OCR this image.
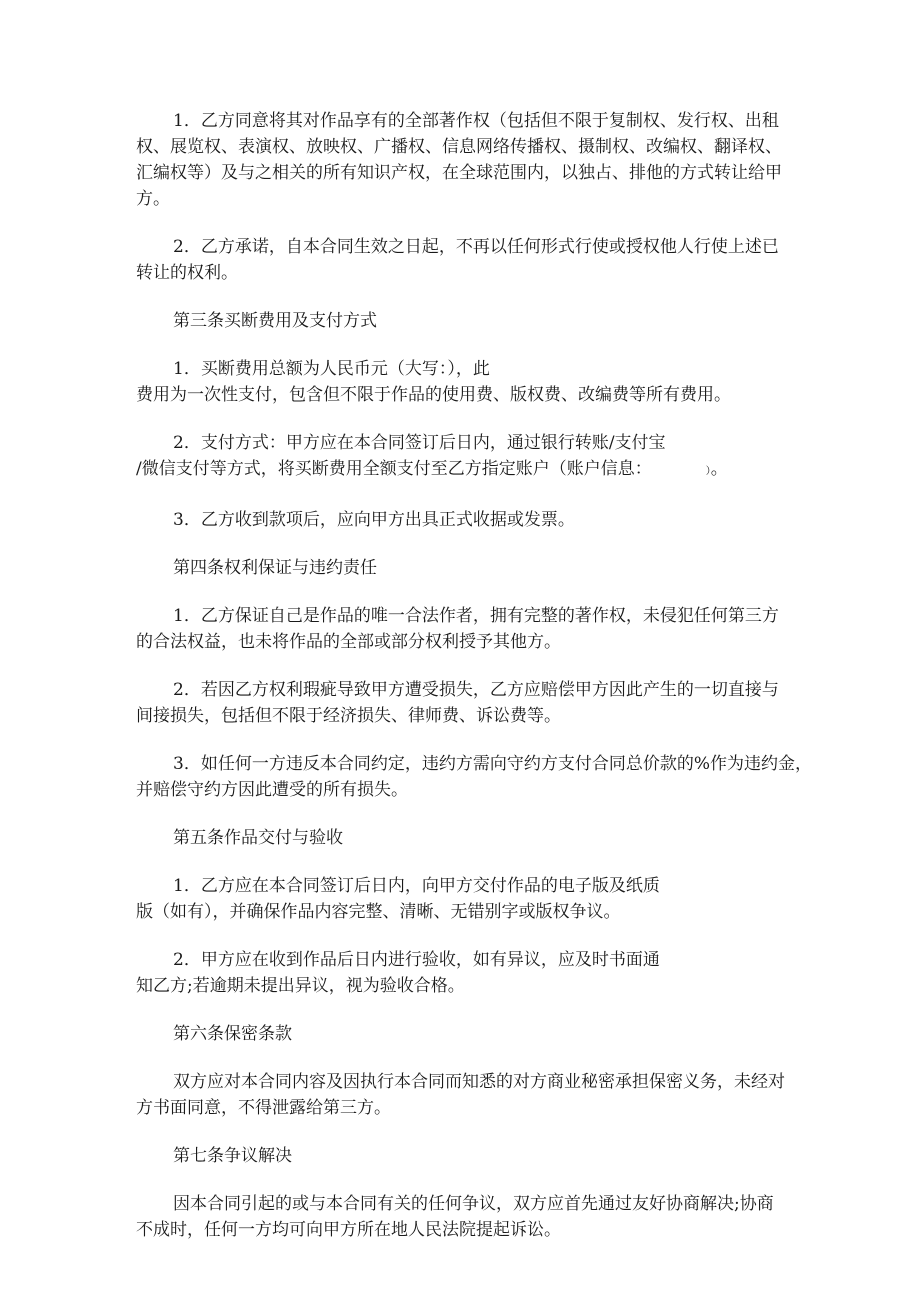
1．乙方同意将其对作品享有的全部著作权（包括但不限于复制权、发行权、出租
权、展览权、表演权、放映权、广播权、信息网络传播权、摄制权、改编权、翻译权、
汇编权等）及与之相关的所有知识产权，在全球范围内，以独占、排他的方式转让给甲
方。

2．乙方承诺，自本合同生效之日起，不再以任何形式行使或授权他人行使上述已
转让的权利。

第三条买断费用及支付方式

1．买断费用总额为人民币元（大写：），此
费用为一次性支付，包含但不限于作品的使用费、版权费、改编费等所有费用。

2．支付方式：甲方应在本合同签订后日内，通过银行转账/支付宝
/微信支付等方式，将买断费用全额支付至乙方指定账户（账户信息：	）。

3．乙方收到款项后，应向甲方出具正式收据或发票。

第四条权利保证与违约责任

1．乙方保证自己是作品的唯一合法作者，拥有完整的著作权，未侵犯任何第三方
的合法权益，也未将作品的全部或部分权利授予其他方。

2．若因乙方权利瑕疵导致甲方遭受损失，乙方应赔偿甲方因此产生的一切直接与
间接损失，包括但不限于经济损失、律师费、诉讼费等。

3．如任何一方违反本合同约定，违约方需向守约方支付合同总价款的%作为违约金，
并赔偿守约方因此遭受的所有损失。

第五条作品交付与验收

1．乙方应在本合同签订后日内，向甲方交付作品的电子版及纸质
版（如有），并确保作品内容完整、清晰、无错别字或版权争议。

2．甲方应在收到作品后日内进行验收，如有异议，应及时书面通
知乙方;若逾期未提出异议，视为验收合格。

第六条保密条款

双方应对本合同内容及因执行本合同而知悉的对方商业秘密承担保密义务，未经对
方书面同意，不得泄露给第三方。

第七条争议解决

因本合同引起的或与本合同有关的任何争议，双方应首先通过友好协商解决;协商
不成时，任何一方均可向甲方所在地人民法院提起诉讼。
